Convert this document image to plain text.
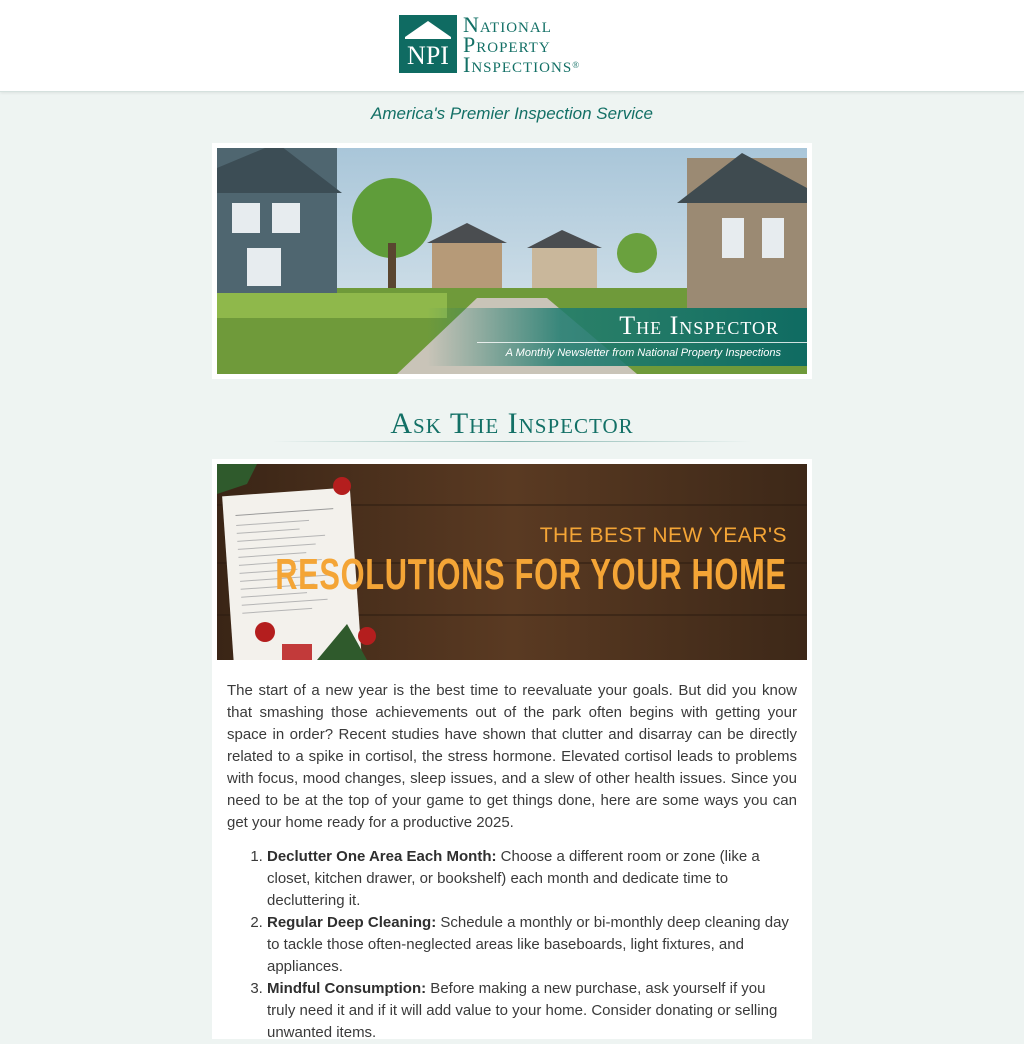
NPI
National
Property
Inspections®
America's Premier Inspection Service
The Inspector
A Monthly Newsletter from National Property Inspections
Ask The Inspector
THE BEST NEW YEAR'S
RESOLUTIONS FOR YOUR HOME

The start of a new year is the best time to reevaluate your goals. But did you know that smashing those achievements out of the park often begins with getting your space in order? Recent studies have shown that clutter and disarray can be directly related to a spike in cortisol, the stress hormone. Elevated cortisol leads to problems with focus, mood changes, sleep issues, and a slew of other health issues. Since you need to be at the top of your game to get things done, here are some ways you can get your home ready for a productive 2025.

1. Declutter One Area Each Month: Choose a different room or zone (like a closet, kitchen drawer, or bookshelf) each month and dedicate time to decluttering it.
2. Regular Deep Cleaning: Schedule a monthly or bi-monthly deep cleaning day to tackle those often-neglected areas like baseboards, light fixtures, and appliances.
3. Mindful Consumption: Before making a new purchase, ask yourself if you truly need it and if it will add value to your home. Consider donating or selling unwanted items.
